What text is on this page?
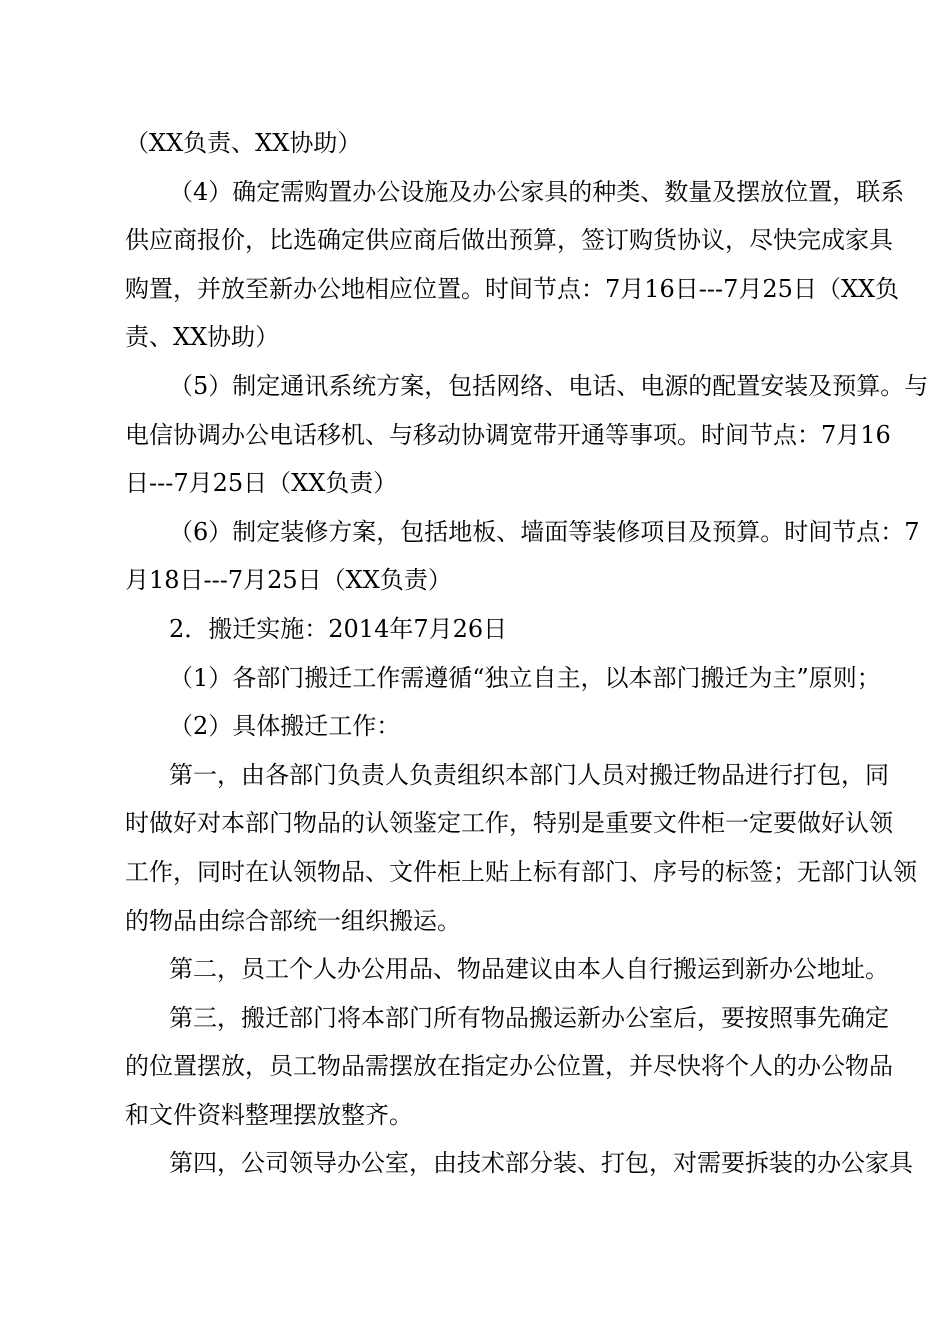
（XX负责、XX协助）
（4）确定需购置办公设施及办公家具的种类、数量及摆放位置，联系
供应商报价，比选确定供应商后做出预算，签订购货协议，尽快完成家具
购置，并放至新办公地相应位置。时间节点：7月16日---7月25日（XX负
责、XX协助）
（5）制定通讯系统方案，包括网络、电话、电源的配置安装及预算。与
电信协调办公电话移机、与移动协调宽带开通等事项。时间节点：7月16
日---7月25日（XX负责）
（6）制定装修方案，包括地板、墙面等装修项目及预算。时间节点：7
月18日---7月25日（XX负责）
2．搬迁实施：2014年7月26日
（1）各部门搬迁工作需遵循“独立自主，以本部门搬迁为主”原则；
（2）具体搬迁工作：
第一，由各部门负责人负责组织本部门人员对搬迁物品进行打包，同
时做好对本部门物品的认领鉴定工作，特别是重要文件柜一定要做好认领
工作，同时在认领物品、文件柜上贴上标有部门、序号的标签；无部门认领
的物品由综合部统一组织搬运。
第二，员工个人办公用品、物品建议由本人自行搬运到新办公地址。
第三，搬迁部门将本部门所有物品搬运新办公室后，要按照事先确定
的位置摆放，员工物品需摆放在指定办公位置，并尽快将个人的办公物品
和文件资料整理摆放整齐。
第四，公司领导办公室，由技术部分装、打包，对需要拆装的办公家具
